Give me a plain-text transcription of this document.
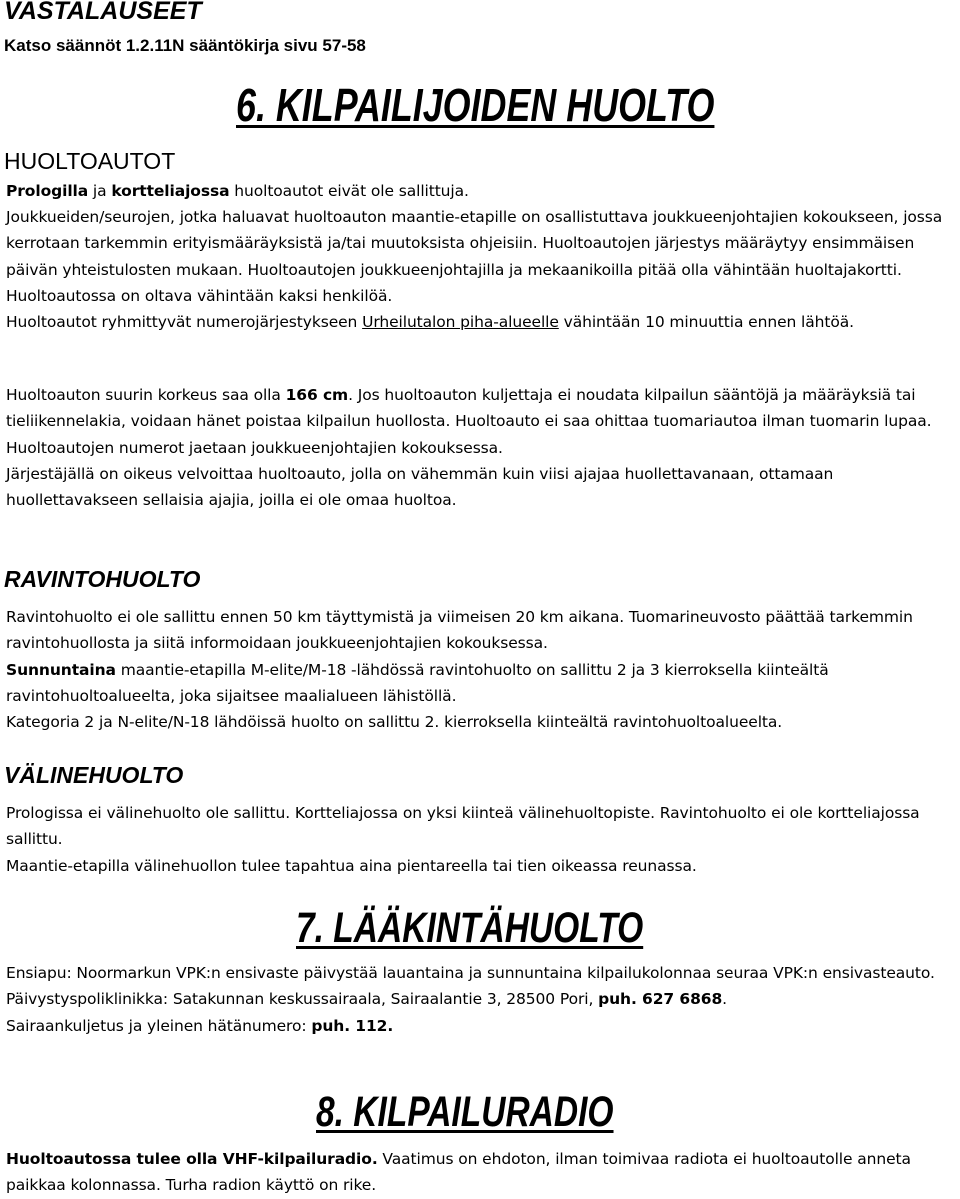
VASTALAUSEET
Katso säännöt 1.2.11N sääntökirja sivu 57-58
6. KILPAILIJOIDEN HUOLTO
HUOLTOAUTOT

Prologilla ja kortteliajossa huoltoautot eivät ole sallittuja.

Joukkueiden/seurojen, jotka haluavat huoltoauton maantie-etapille on osallistuttava joukkueenjohtajien kokoukseen, jossa kerrotaan tarkemmin erityismääräyksistä ja/tai muutoksista ohjeisiin. Huoltoautojen järjestys määräytyy ensimmäisen päivän yhteistulosten mukaan. Huoltoautojen joukkueenjohtajilla ja mekaanikoilla pitää olla vähintään huoltajakortti. Huoltoautossa on oltava vähintään kaksi henkilöä.
Huoltoautot ryhmittyvät numerojärjestykseen Urheilutalon piha-alueelle vähintään 10 minuuttia ennen lähtöä.

Huoltoauton suurin korkeus saa olla 166 cm. Jos huoltoauton kuljettaja ei noudata kilpailun sääntöjä ja määräyksiä tai tieliikennelakia, voidaan hänet poistaa kilpailun huollosta. Huoltoauto ei saa ohittaa tuomariautoa ilman tuomarin lupaa.
Huoltoautojen numerot jaetaan joukkueenjohtajien kokouksessa.
Järjestäjällä on oikeus velvoittaa huoltoauto, jolla on vähemmän kuin viisi ajajaa huollettavanaan, ottamaan huollettavakseen sellaisia ajajia, joilla ei ole omaa huoltoa.

RAVINTOHUOLTO

Ravintohuolto ei ole sallittu ennen 50 km täyttymistä ja viimeisen 20 km aikana. Tuomarineuvosto päättää tarkemmin ravintohuollosta ja siitä informoidaan joukkueenjohtajien kokouksessa.
Sunnuntaina maantie-etapilla M-elite/M-18 -lähdössä ravintohuolto on sallittu 2 ja 3 kierroksella kiinteältä ravintohuoltoalueelta, joka sijaitsee maalialueen lähistöllä.
Kategoria 2 ja N-elite/N-18 lähdöissä huolto on sallittu 2. kierroksella kiinteältä ravintohuoltoalueelta.

VÄLINEHUOLTO

Prologissa ei välinehuolto ole sallittu. Kortteliajossa on yksi kiinteä välinehuoltopiste. Ravintohuolto ei ole kortteliajossa sallittu.
Maantie-etapilla välinehuollon tulee tapahtua aina pientareella tai tien oikeassa reunassa.

7. LÄÄKINTÄHUOLTO

Ensiapu: Noormarkun VPK:n ensivaste päivystää lauantaina ja sunnuntaina kilpailukolonnaa seuraa VPK:n ensivasteauto.
Päivystyspoliklinikka: Satakunnan keskussairaala, Sairaalantie 3, 28500 Pori, puh. 627 6868.
Sairaankuljetus ja yleinen hätänumero: puh. 112.

8. KILPAILURADIO

Huoltoautossa tulee olla VHF-kilpailuradio. Vaatimus on ehdoton, ilman toimivaa radiota ei huoltoautolle anneta paikkaa kolonnassa. Turha radion käyttö on rike.
